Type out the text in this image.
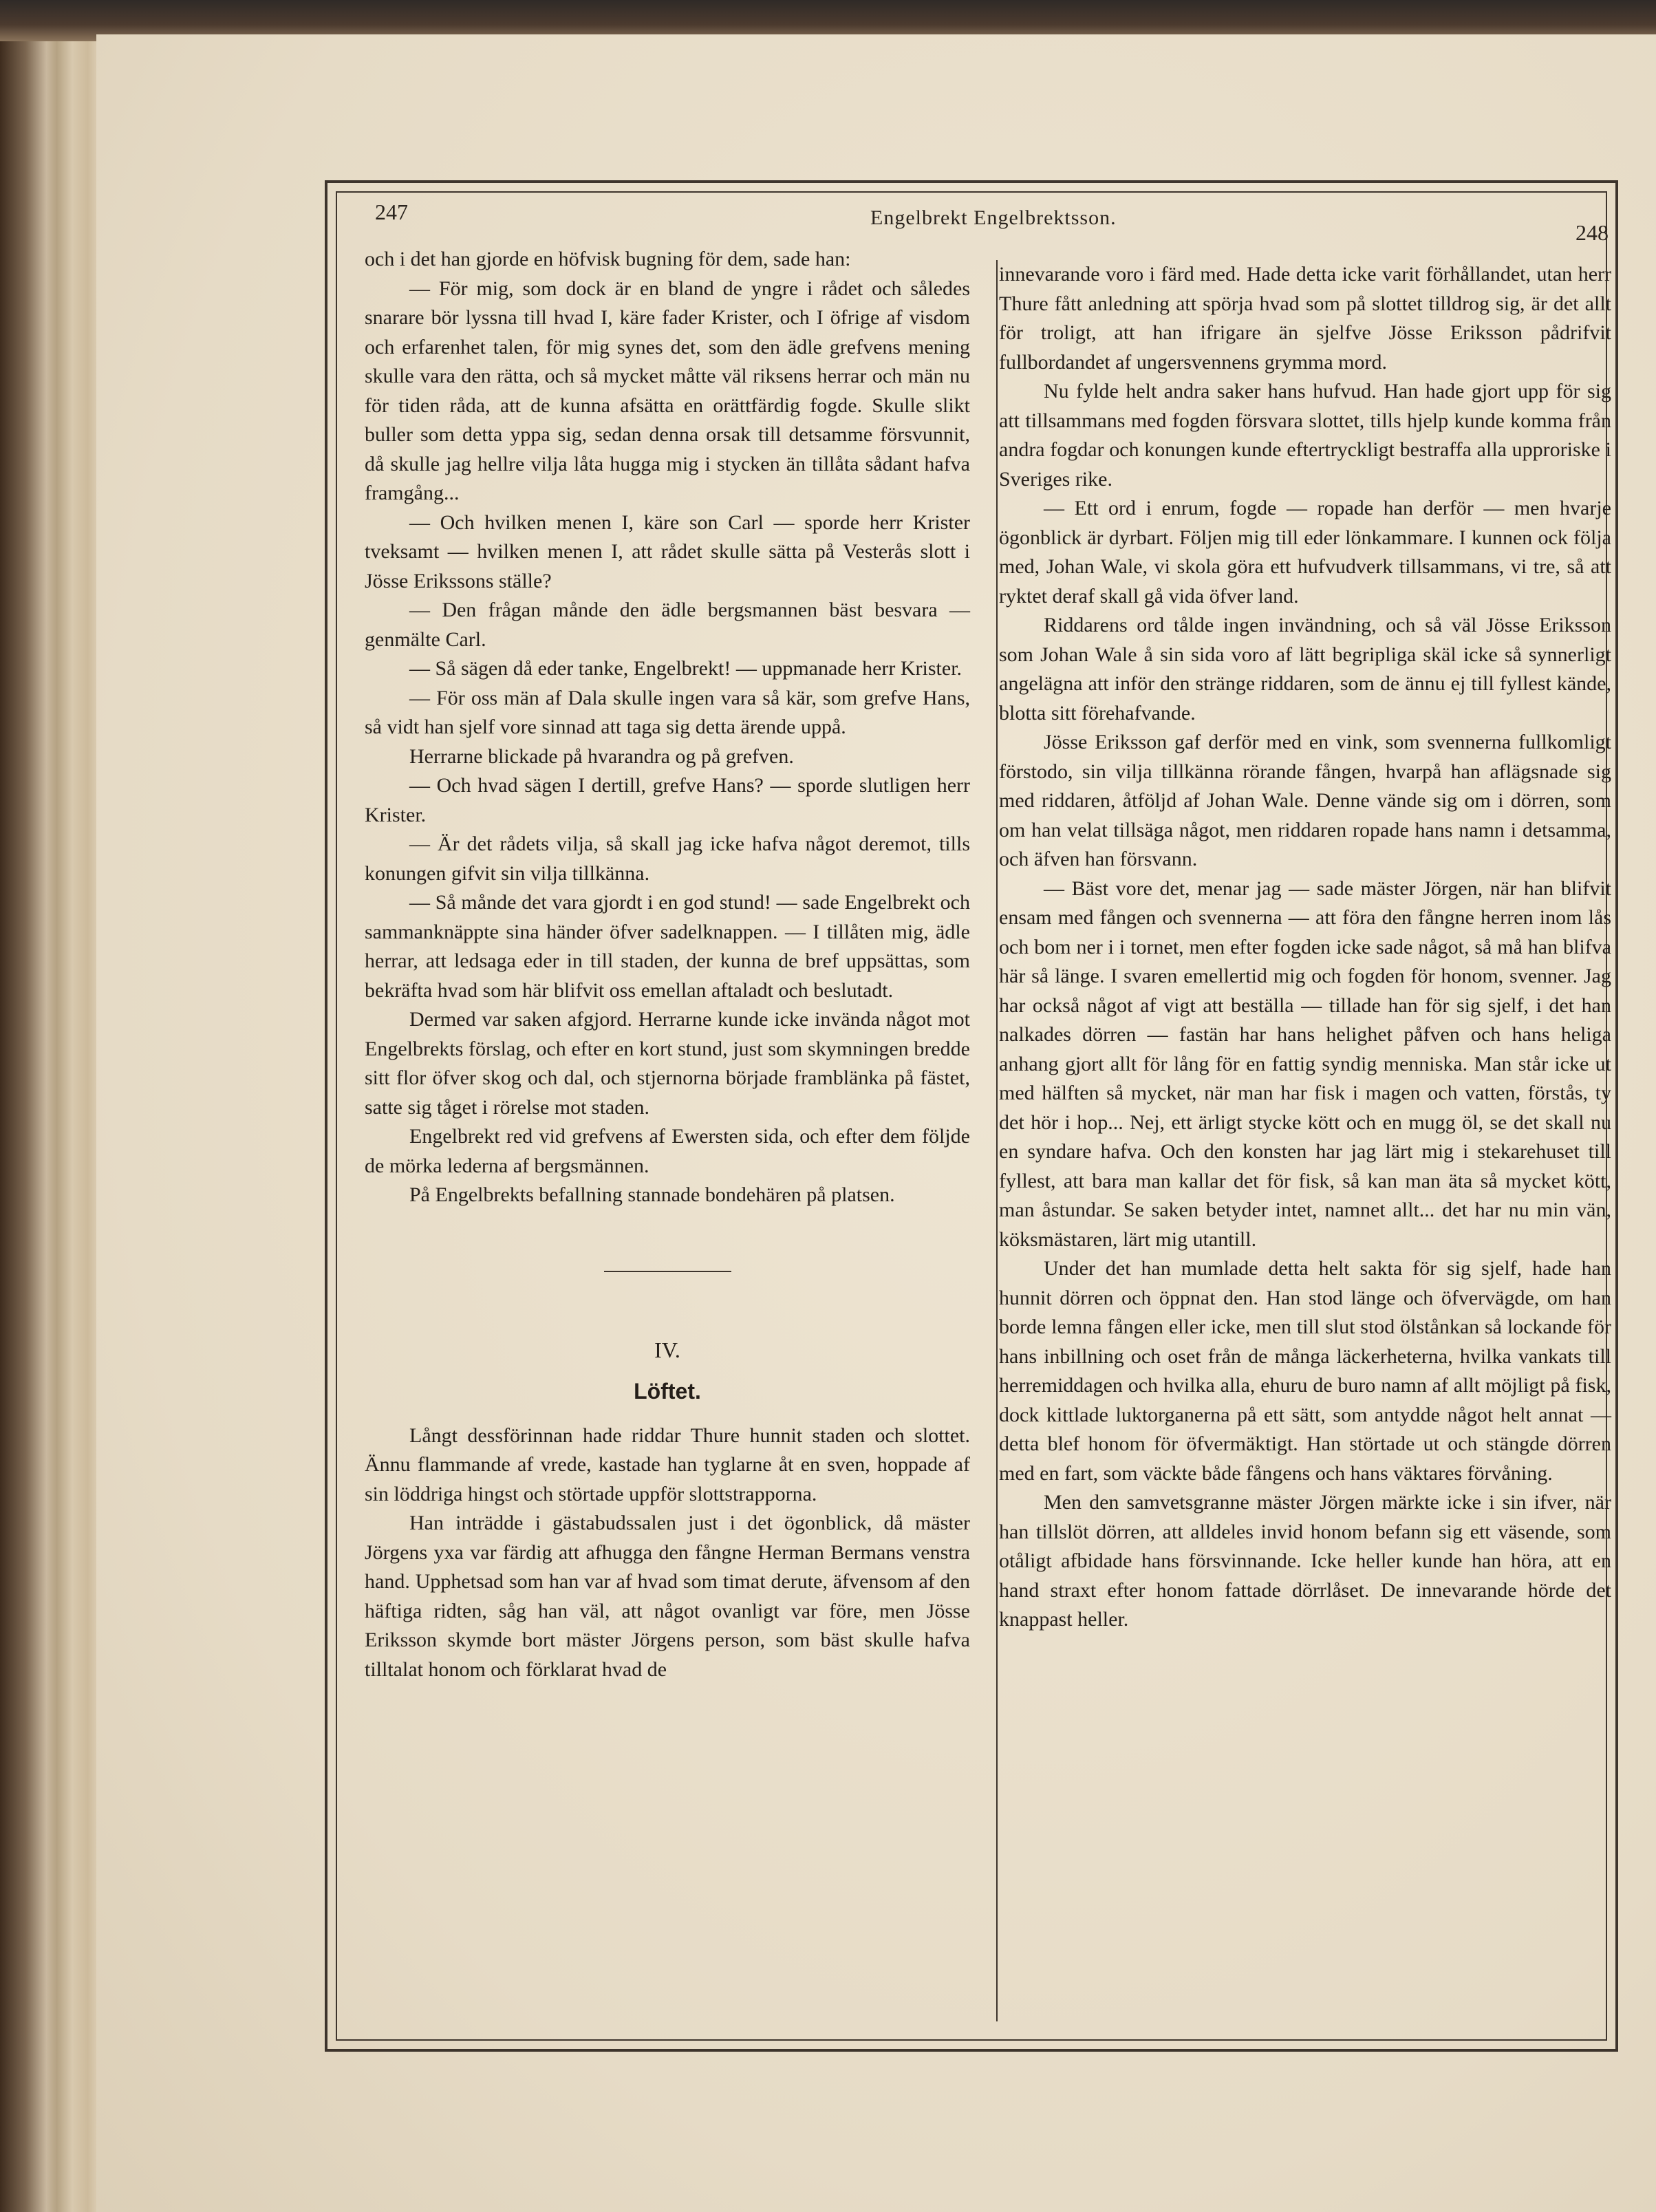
247	Engelbrekt Engelbrektsson.
248

och i det han gjorde en höfvisk bugning för dem, sade han:

— För mig, som dock är en bland de yngre i rådet och således snarare bör lyssna till hvad I, käre fader Krister, och I öfrige af visdom och erfarenhet talen, för mig synes det, som den ädle grefvens mening skulle vara den rätta, och så mycket måtte väl riksens herrar och män nu för tiden råda, att de kunna afsätta en orättfärdig fogde. Skulle slikt buller som detta yppa sig, sedan denna orsak till detsamme försvunnit, då skulle jag hellre vilja låta hugga mig i stycken än tillåta sådant hafva framgång...

— Och hvilken menen I, käre son Carl — sporde herr Krister tveksamt — hvilken menen I, att rådet skulle sätta på Vesterås slott i Jösse Erikssons ställe?

— Den frågan månde den ädle bergsmannen bäst besvara — genmälte Carl.

— Så sägen då eder tanke, Engelbrekt! — uppmanade herr Krister.

— För oss män af Dala skulle ingen vara så kär, som grefve Hans, så vidt han sjelf vore sinnad att taga sig detta ärende uppå.

Herrarne blickade på hvarandra og på grefven.

— Och hvad sägen I dertill, grefve Hans? — sporde slutligen herr Krister.

— Är det rådets vilja, så skall jag icke hafva något deremot, tills konungen gifvit sin vilja tillkänna.

— Så månde det vara gjordt i en god stund! — sade Engelbrekt och sammanknäppte sina händer öfver sadelknappen. — I tillåten mig, ädle herrar, att ledsaga eder in till staden, der kunna de bref uppsättas, som bekräfta hvad som här blifvit oss emellan aftaladt och beslutadt.

Dermed var saken afgjord. Herrarne kunde icke invända något mot Engelbrekts förslag, och efter en kort stund, just som skymningen bredde sitt flor öfver skog och dal, och stjernorna började framblänka på fästet, satte sig tåget i rörelse mot staden.

Engelbrekt red vid grefvens af Ewersten sida, och efter dem följde de mörka lederna af bergsmännen.

På Engelbrekts befallning stannade bondehären på platsen.

IV.

Löftet.

Långt dessförinnan hade riddar Thure hunnit staden och slottet. Ännu flammande af vrede, kastade han tyglarne åt en sven, hoppade af sin löddriga hingst och störtade uppför slottstrapporna.

Han inträdde i gästabudssalen just i det ögonblick, då mäster Jörgens yxa var färdig att afhugga den fångne Herman Bermans venstra hand. Upphetsad som han var af hvad som timat derute, äfvensom af den häftiga ridten, såg han väl, att något ovanligt var före, men Jösse Eriksson skymde bort mäster Jörgens person, som bäst skulle hafva tilltalat honom och förklarat hvad de

innevarande voro i färd med. Hade detta icke varit förhållandet, utan herr Thure fått anledning att spörja hvad som på slottet tilldrog sig, är det allt för troligt, att han ifrigare än sjelfve Jösse Eriksson pådrifvit fullbordandet af ungersvennens grymma mord.

Nu fylde helt andra saker hans hufvud. Han hade gjort upp för sig att tillsammans med fogden försvara slottet, tills hjelp kunde komma från andra fogdar och konungen kunde eftertryckligt bestraffa alla upproriske i Sveriges rike.

— Ett ord i enrum, fogde — ropade han derför — men hvarje ögonblick är dyrbart. Följen mig till eder lönkammare. I kunnen ock följa med, Johan Wale, vi skola göra ett hufvudverk tillsammans, vi tre, så att ryktet deraf skall gå vida öfver land.

Riddarens ord tålde ingen invändning, och så väl Jösse Eriksson som Johan Wale å sin sida voro af lätt begripliga skäl icke så synnerligt angelägna att inför den stränge riddaren, som de ännu ej till fyllest kände, blotta sitt förehafvande.

Jösse Eriksson gaf derför med en vink, som svennerna fullkomligt förstodo, sin vilja tillkänna rörande fången, hvarpå han aflägsnade sig med riddaren, åtföljd af Johan Wale. Denne vände sig om i dörren, som om han velat tillsäga något, men riddaren ropade hans namn i detsamma, och äfven han försvann.

— Bäst vore det, menar jag — sade mäster Jörgen, när han blifvit ensam med fången och svennerna — att föra den fångne herren inom lås och bom ner i i tornet, men efter fogden icke sade något, så må han blifva här så länge. I svaren emellertid mig och fogden för honom, svenner. Jag har också något af vigt att beställa — tillade han för sig sjelf, i det han nalkades dörren — fastän har hans helighet påfven och hans heliga anhang gjort allt för lång för en fattig syndig menniska. Man står icke ut med hälften så mycket, när man har fisk i magen och vatten, förstås, ty det hör i hop... Nej, ett ärligt stycke kött och en mugg öl, se det skall nu en syndare hafva. Och den konsten har jag lärt mig i stekarehuset till fyllest, att bara man kallar det för fisk, så kan man äta så mycket kött, man åstundar. Se saken betyder intet, namnet allt... det har nu min vän, köksmästaren, lärt mig utantill.

Under det han mumlade detta helt sakta för sig sjelf, hade han hunnit dörren och öppnat den. Han stod länge och öfvervägde, om han borde lemna fången eller icke, men till slut stod ölstånkan så lockande för hans inbillning och oset från de många läckerheterna, hvilka vankats till herremiddagen och hvilka alla, ehuru de buro namn af allt möjligt på fisk, dock kittlade luktorganerna på ett sätt, som antydde något helt annat — detta blef honom för öfvermäktigt. Han störtade ut och stängde dörren med en fart, som väckte både fångens och hans väktares förvåning.

Men den samvetsgranne mäster Jörgen märkte icke i sin ifver, när han tillslöt dörren, att alldeles invid honom befann sig ett väsende, som otåligt afbidade hans försvinnande. Icke heller kunde han höra, att en hand straxt efter honom fattade dörrlåset. De innevarande hörde det knappast heller.
